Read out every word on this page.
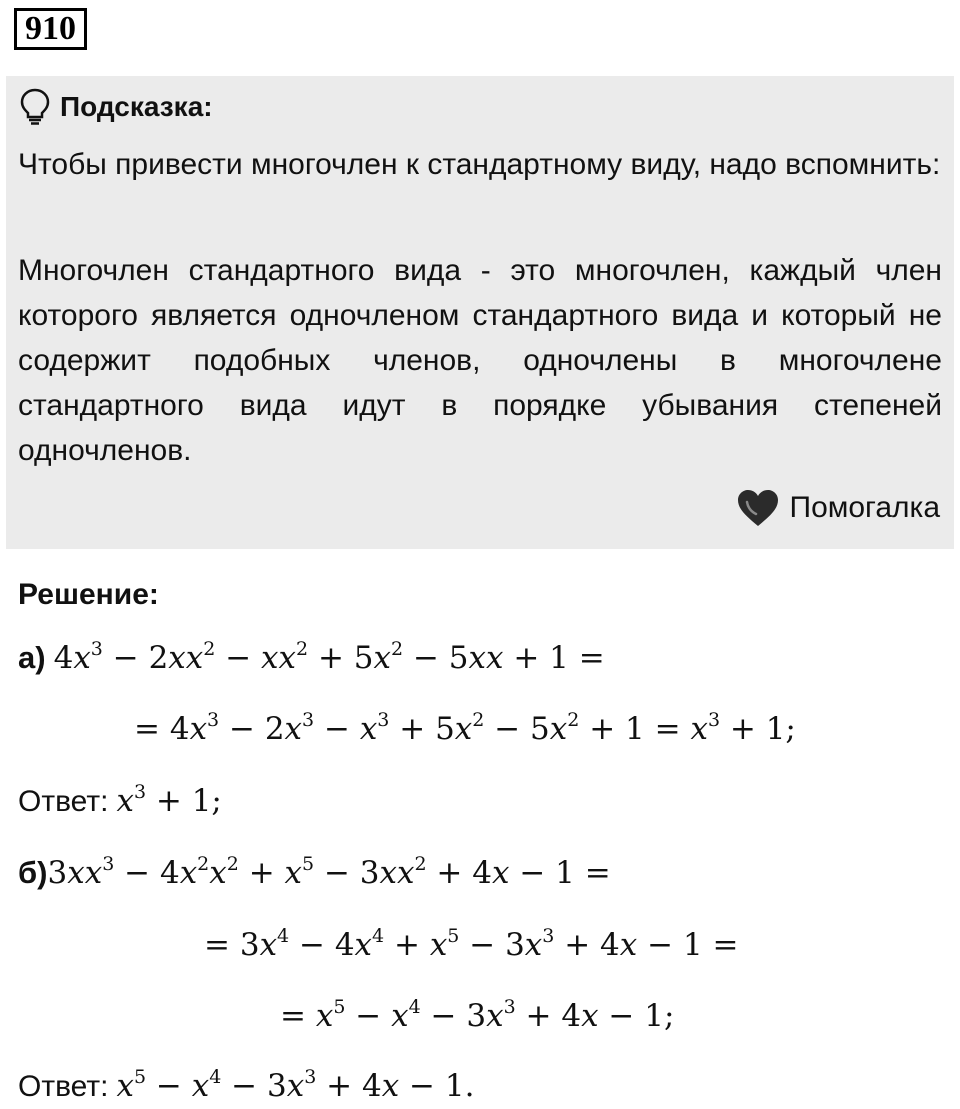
910
Подсказка:

Чтобы привести многочлен к стандартному виду, надо вспомнить:

Многочлен стандартного вида - это многочлен, каждый член которого является одночленом стандартного вида и который не содержит подобных членов, одночлены в многочлене стандартного вида идут в порядке убывания степеней одночленов.

Помогалка
Решение:
а) $4x^3 - 2xx^2 - xx^2 + 5x^2 - 5xx + 1$ =
= $4x^3 - 2x^3 - x^3 + 5x^2 - 5x^2 + 1 = x^3 + 1$;
Ответ: $x^3 + 1$;
б) $3xx^3 - 4x^2x^2 + x^5 - 3xx^2 + 4x - 1$ =
= $3x^4 - 4x^4 + x^5 - 3x^3 + 4x - 1$ =
= $x^5 - x^4 - 3x^3 + 4x - 1$;
Ответ: $x^5 - x^4 - 3x^3 + 4x - 1$.
